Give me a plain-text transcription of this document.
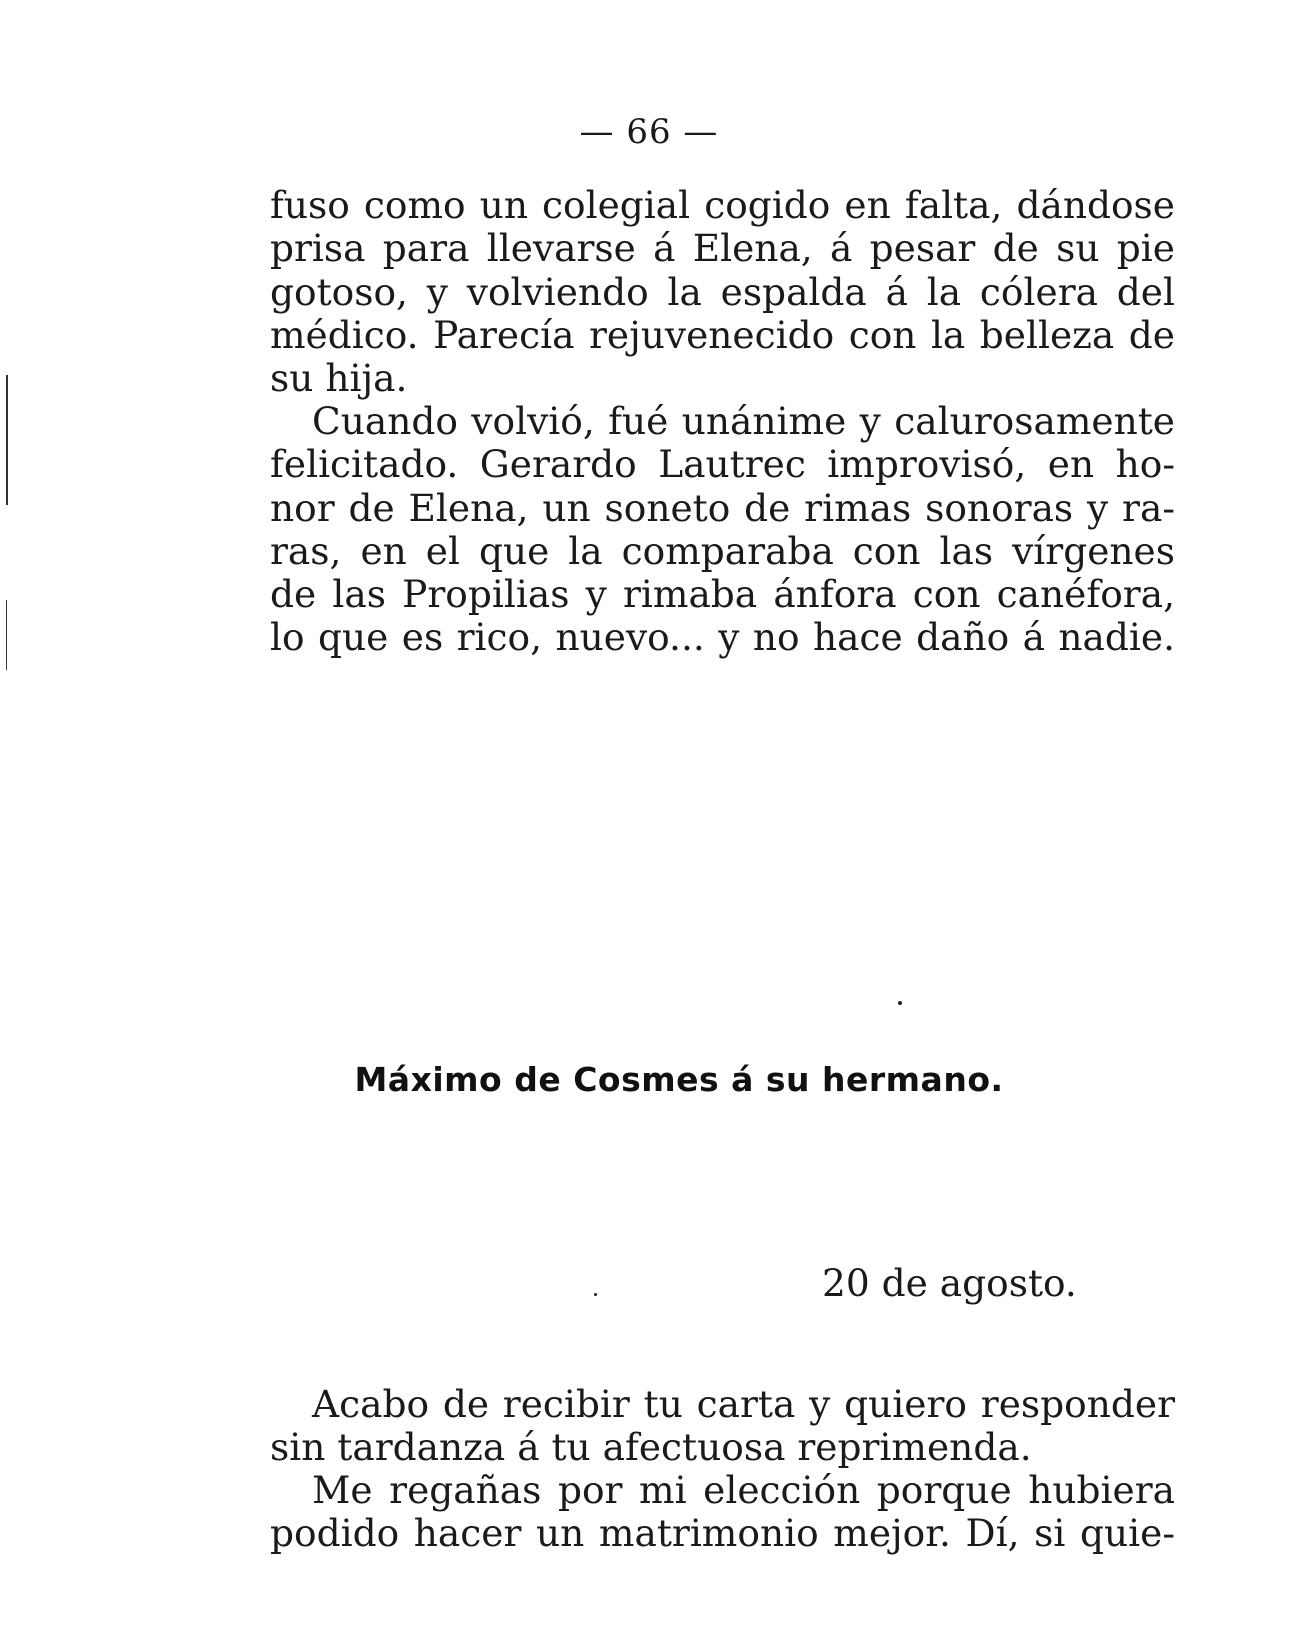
— 66 —
fuso como un colegial cogido en falta, dándose
prisa para llevarse á Elena, á pesar de su pie
gotoso, y volviendo la espalda á la cólera del
médico. Parecía rejuvenecido con la belleza de
su hija.
Cuando volvió, fué unánime y calurosamente
felicitado. Gerardo Lautrec improvisó, en ho-
nor de Elena, un soneto de rimas sonoras y ra-
ras, en el que la comparaba con las vírgenes
de las Propilias y rimaba ánfora con canéfora,
lo que es rico, nuevo... y no hace daño á nadie.
Máximo de Cosmes á su hermano.
20 de agosto.
Acabo de recibir tu carta y quiero responder
sin tardanza á tu afectuosa reprimenda.
Me regañas por mi elección porque hubiera
podido hacer un matrimonio mejor. Dí, si quie-
